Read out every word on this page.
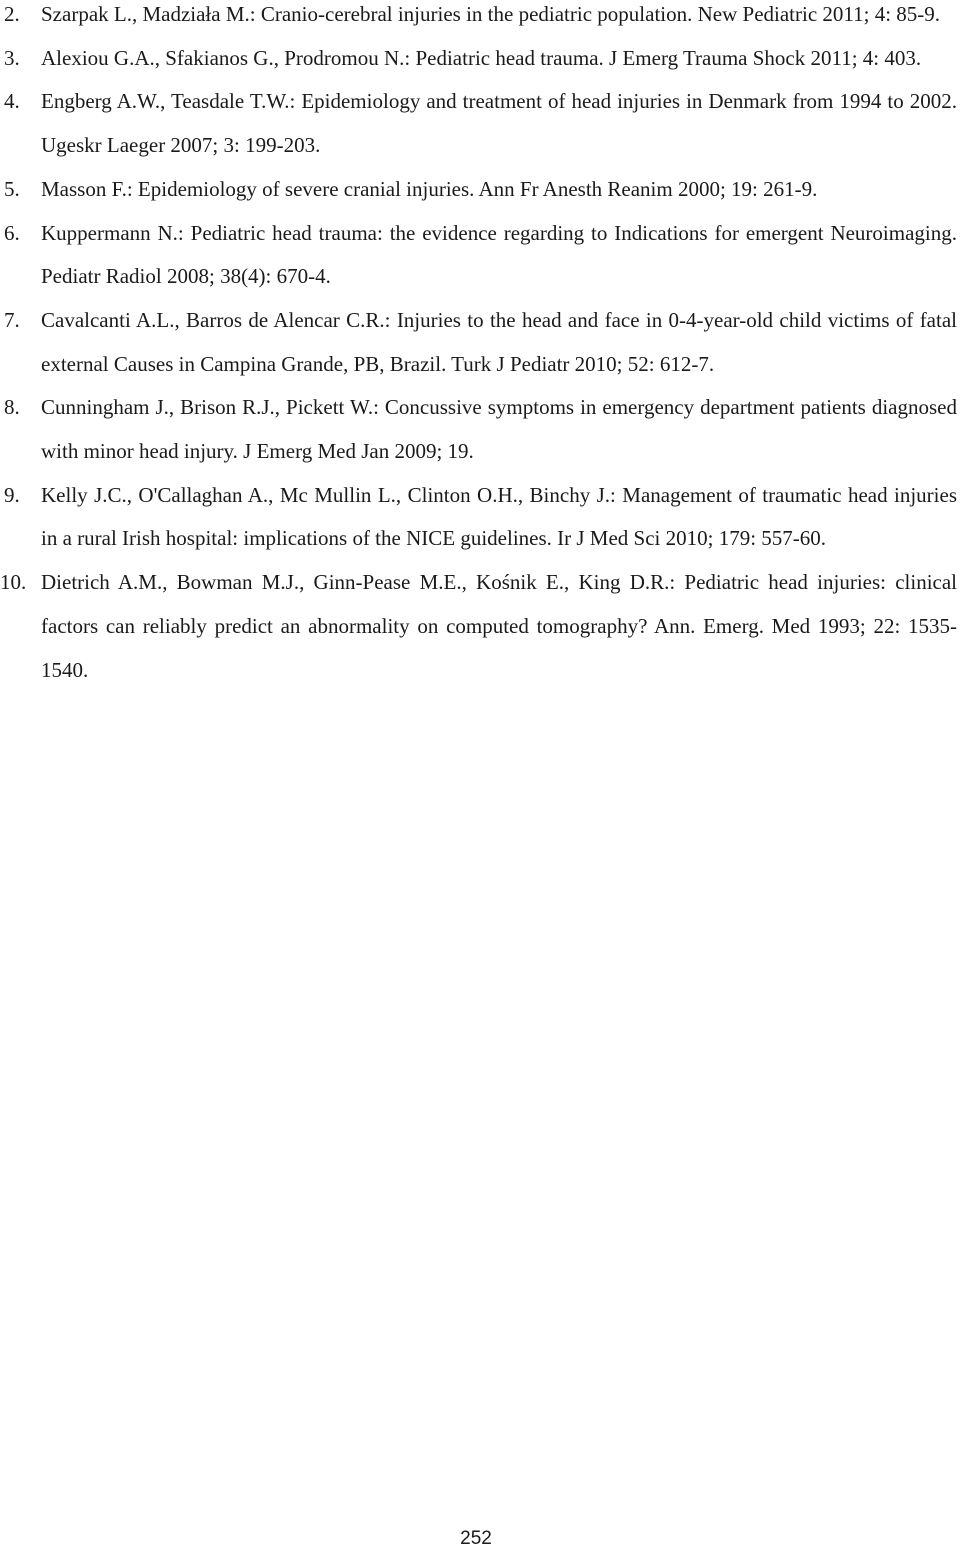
2. Szarpak L., Madziała M.: Cranio-cerebral injuries in the pediatric population. New Pediatric 2011; 4: 85-9.
3. Alexiou G.A., Sfakianos G., Prodromou N.: Pediatric head trauma. J Emerg Trauma Shock 2011; 4: 403.
4. Engberg A.W., Teasdale T.W.: Epidemiology and treatment of head injuries in Denmark from 1994 to 2002. Ugeskr Laeger 2007; 3: 199-203.
5. Masson F.: Epidemiology of severe cranial injuries. Ann Fr Anesth Reanim 2000; 19: 261-9.
6. Kuppermann N.: Pediatric head trauma: the evidence regarding to Indications for emergent Neuroimaging. Pediatr Radiol 2008; 38(4): 670-4.
7. Cavalcanti A.L., Barros de Alencar C.R.: Injuries to the head and face in 0-4-year-old child victims of fatal external Causes in Campina Grande, PB, Brazil. Turk J Pediatr 2010; 52: 612-7.
8. Cunningham J., Brison R.J., Pickett W.: Concussive symptoms in emergency department patients diagnosed with minor head injury. J Emerg Med Jan 2009; 19.
9. Kelly J.C., O'Callaghan A., Mc Mullin L., Clinton O.H., Binchy J.: Management of traumatic head injuries in a rural Irish hospital: implications of the NICE guidelines. Ir J Med Sci 2010; 179: 557-60.
10. Dietrich A.M., Bowman M.J., Ginn-Pease M.E., Kośnik E., King D.R.: Pediatric head injuries: clinical factors can reliably predict an abnormality on computed tomography? Ann. Emerg. Med 1993; 22: 1535-1540.
252
